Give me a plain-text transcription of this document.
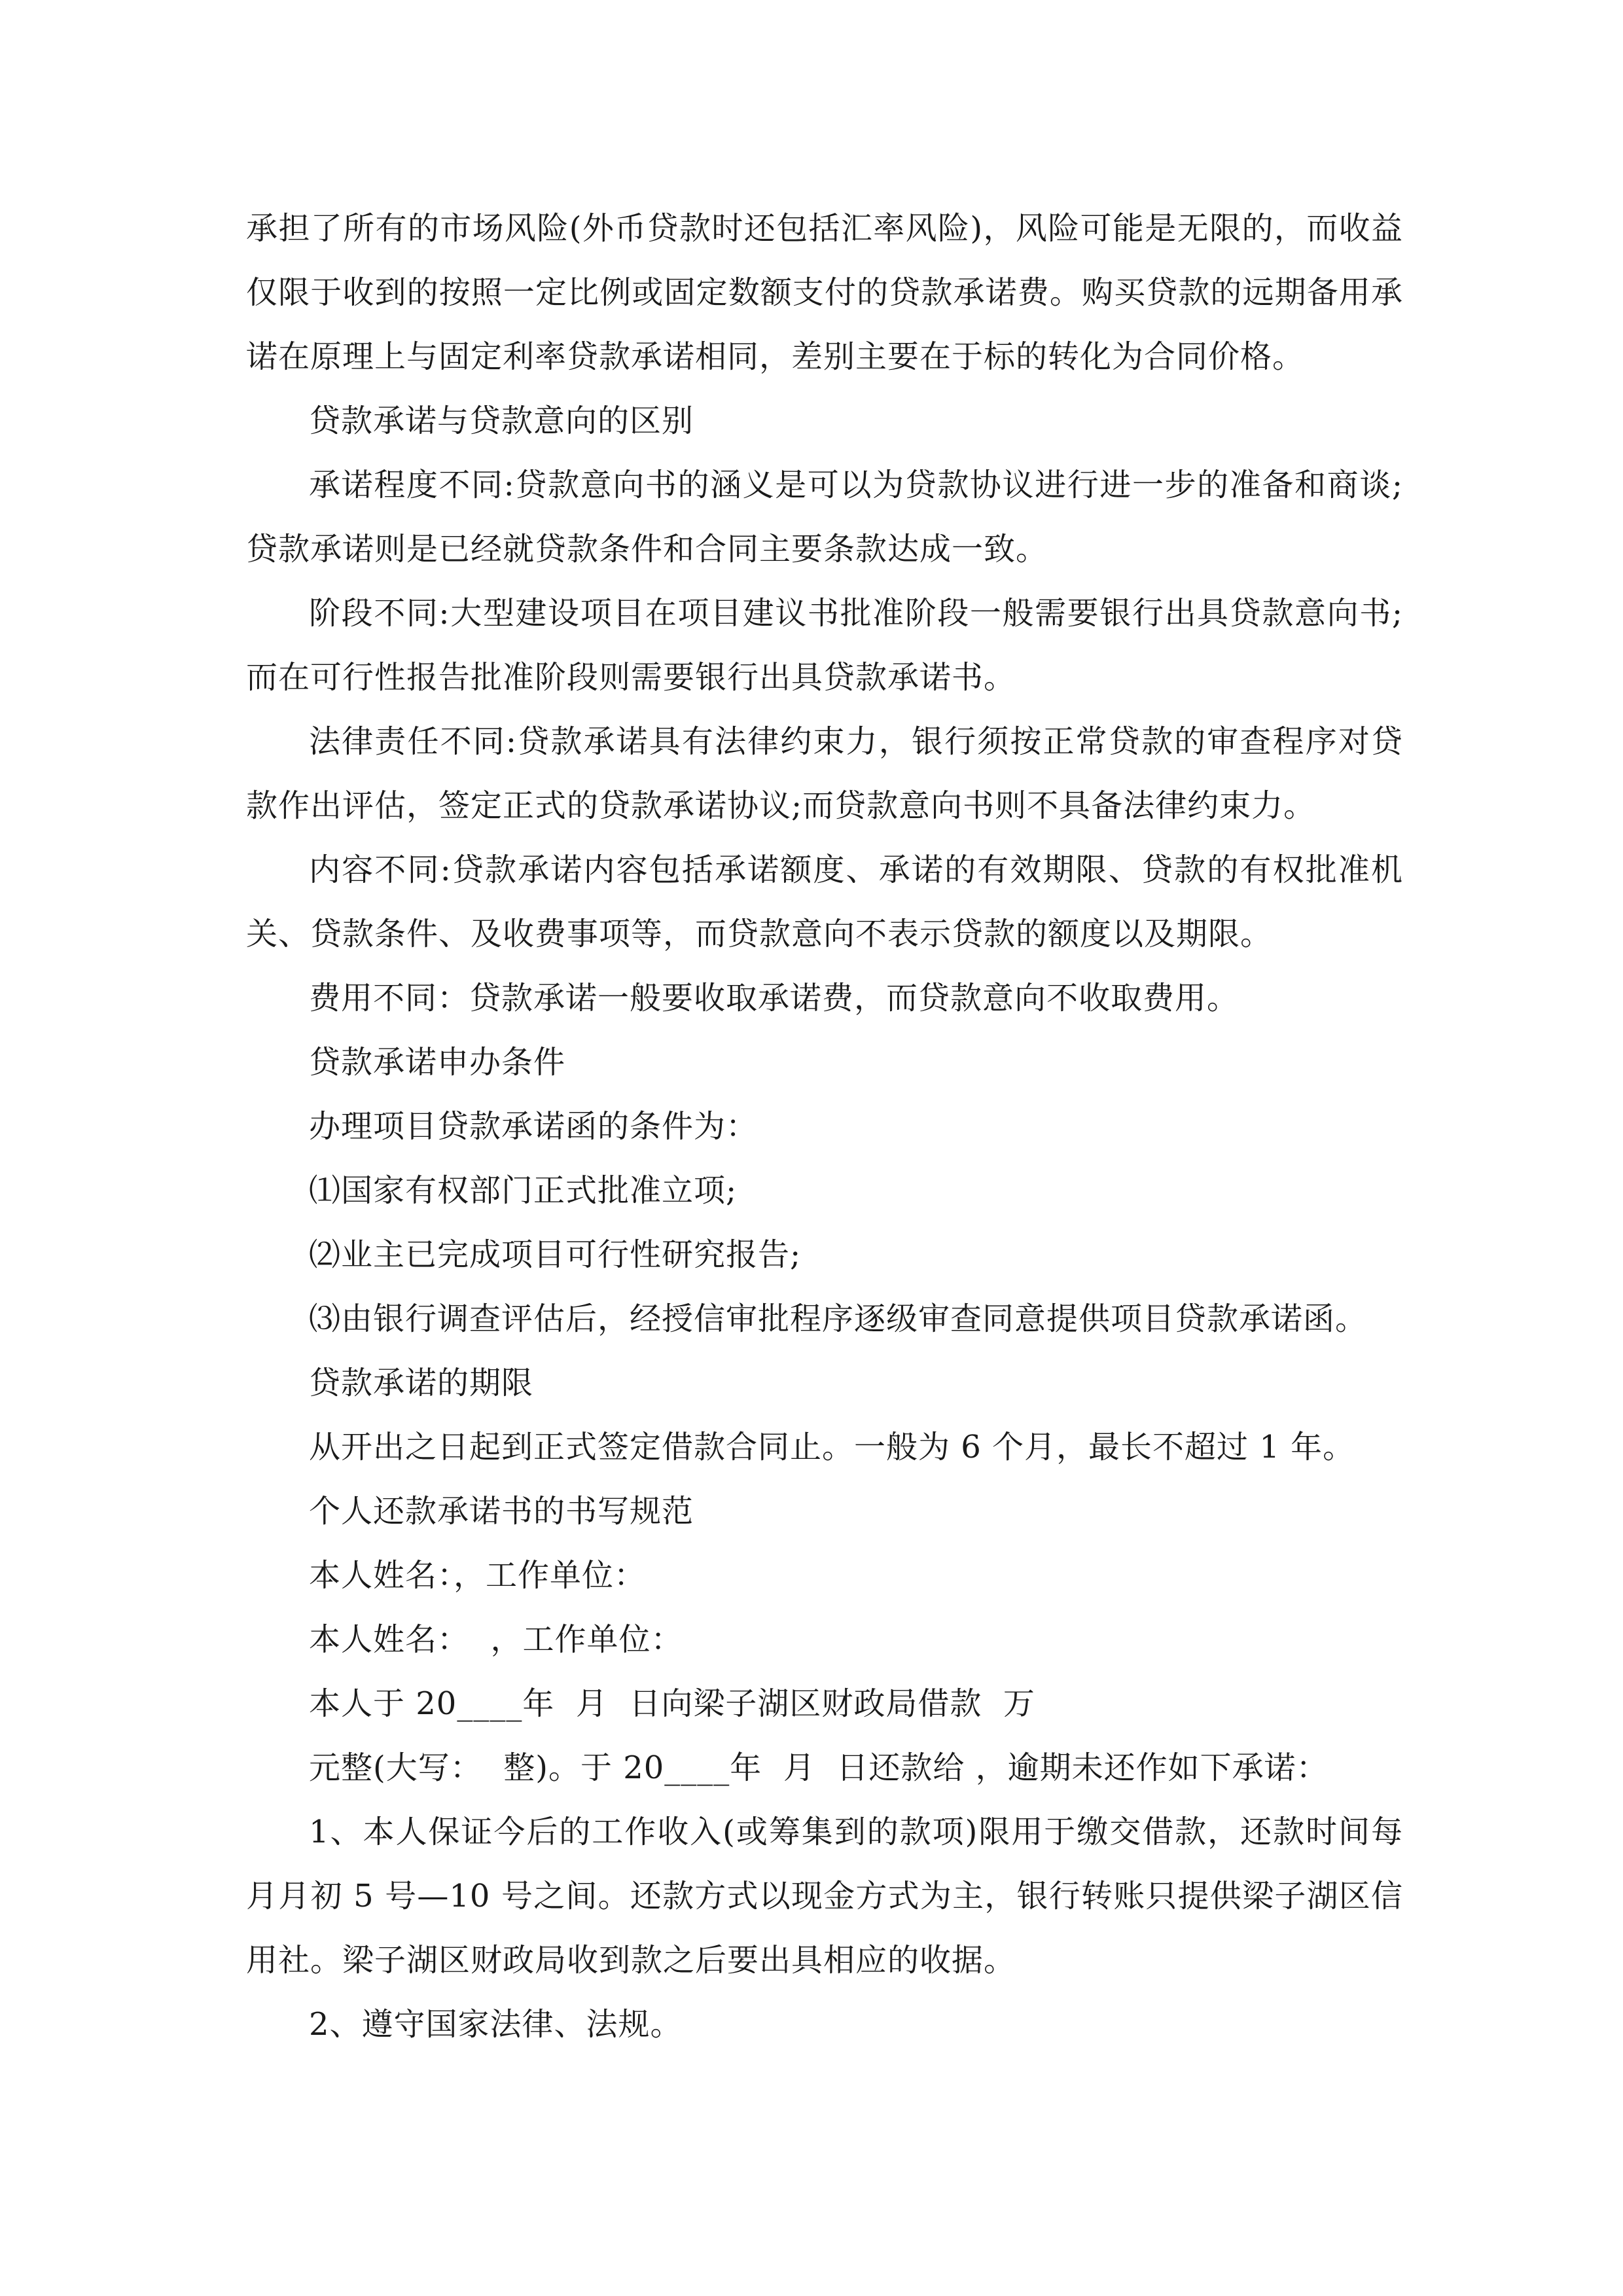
承担了所有的市场风险(外币贷款时还包括汇率风险)，风险可能是无限的，而收益仅限于收到的按照一定比例或固定数额支付的贷款承诺费。购买贷款的远期备用承诺在原理上与固定利率贷款承诺相同，差别主要在于标的转化为合同价格。

贷款承诺与贷款意向的区别

承诺程度不同:贷款意向书的涵义是可以为贷款协议进行进一步的准备和商谈;贷款承诺则是已经就贷款条件和合同主要条款达成一致。

阶段不同:大型建设项目在项目建议书批准阶段一般需要银行出具贷款意向书;而在可行性报告批准阶段则需要银行出具贷款承诺书。

法律责任不同:贷款承诺具有法律约束力，银行须按正常贷款的审查程序对贷款作出评估，签定正式的贷款承诺协议;而贷款意向书则不具备法律约束力。

内容不同:贷款承诺内容包括承诺额度、承诺的有效期限、贷款的有权批准机关、贷款条件、及收费事项等，而贷款意向不表示贷款的额度以及期限。

费用不同：贷款承诺一般要收取承诺费，而贷款意向不收取费用。

贷款承诺申办条件

办理项目贷款承诺函的条件为：

⑴国家有权部门正式批准立项;

⑵业主已完成项目可行性研究报告;

⑶由银行调查评估后，经授信审批程序逐级审查同意提供项目贷款承诺函。

贷款承诺的期限

从开出之日起到正式签定借款合同止。一般为 6 个月，最长不超过 1 年。

个人还款承诺书的书写规范

本人姓名：，工作单位：

本人姓名：  ，工作单位：

本人于 20____年  月  日向梁子湖区财政局借款  万

元整(大写：  整)。于 20____年  月  日还款给 ，逾期未还作如下承诺：

1、本人保证今后的工作收入(或筹集到的款项)限用于缴交借款，还款时间每月月初 5 号—10 号之间。还款方式以现金方式为主，银行转账只提供梁子湖区信用社。梁子湖区财政局收到款之后要出具相应的收据。

2、遵守国家法律、法规。
